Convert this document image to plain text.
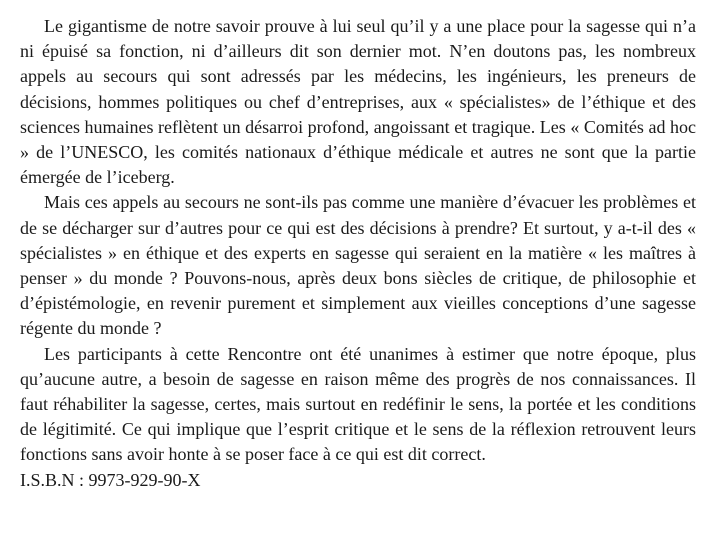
Le gigantisme de notre savoir prouve à lui seul qu’il y a une place pour la sagesse qui n’a ni épuisé sa fonction, ni d’ailleurs dit son dernier mot. N’en doutons pas, les nombreux appels au secours qui sont adressés par les médecins, les ingénieurs, les preneurs de décisions, hommes politiques ou chef d’entreprises, aux « spécialistes» de l’éthique et des sciences humaines reflètent un désarroi profond, angoissant et tragique. Les « Comités ad hoc » de l’UNESCO, les comités nationaux d’éthique médicale et autres ne sont que la partie émergée de l’iceberg.

Mais ces appels au secours ne sont-ils pas comme une manière d’évacuer les problèmes et de se décharger sur d’autres pour ce qui est des décisions à prendre? Et surtout, y a-t-il des « spécialistes » en éthique et des experts en sagesse qui seraient en la matière « les maîtres à penser » du monde ? Pouvons-nous, après deux bons siècles de critique, de philosophie et d’épistémologie, en revenir purement et simplement aux vieilles conceptions d’une sagesse régente du monde ?

Les participants à cette Rencontre ont été unanimes à estimer que notre époque, plus qu’aucune autre, a besoin de sagesse en raison même des progrès de nos connaissances. Il faut réhabiliter la sagesse, certes, mais surtout en redéfinir le sens, la portée et les conditions de légitimité. Ce qui implique que l’esprit critique et le sens de la réflexion retrouvent leurs fonctions sans avoir honte à se poser face à ce qui est dit correct.

I.S.B.N : 9973-929-90-X
